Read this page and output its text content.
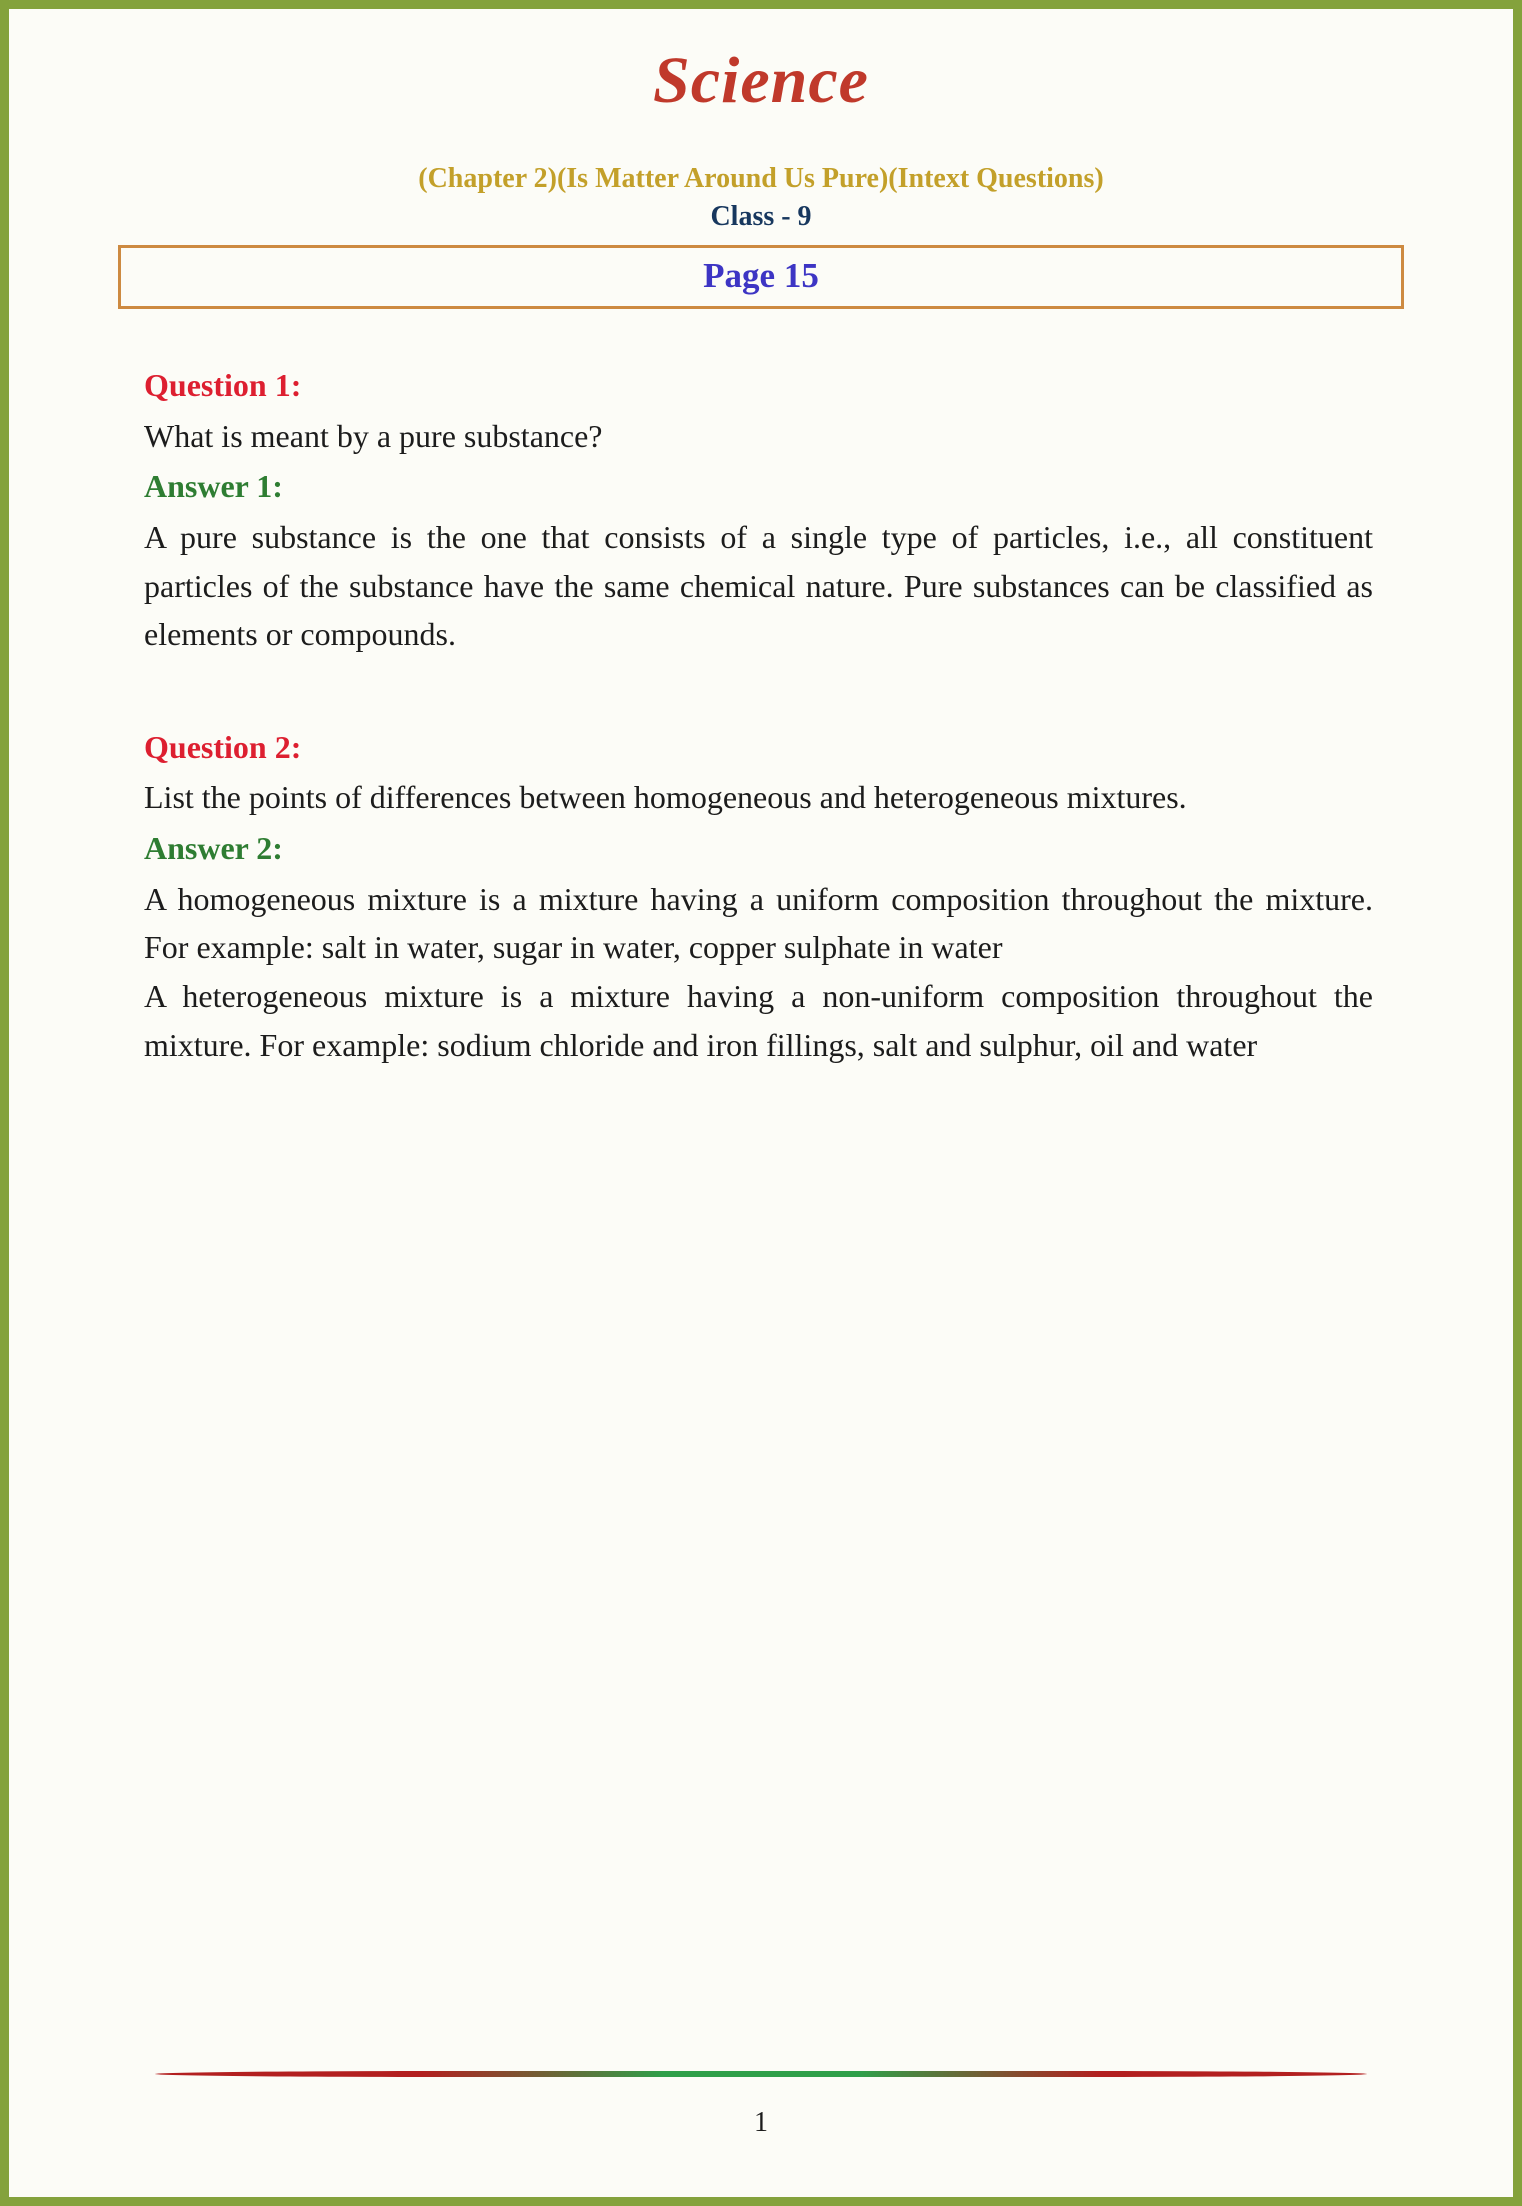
Science
(Chapter 2)(Is Matter Around Us Pure)(Intext Questions)
Class - 9
Page 15
Question 1:
What is meant by a pure substance?
Answer 1:

A pure substance is the one that consists of a single type of particles, i.e., all constituent particles of the substance have the same chemical nature. Pure substances can be classified as elements or compounds.

Question 2:
List the points of differences between homogeneous and heterogeneous mixtures.
Answer 2:

A homogeneous mixture is a mixture having a uniform composition throughout the mixture. For example: salt in water, sugar in water, copper sulphate in water

A heterogeneous mixture is a mixture having a non-uniform composition throughout the mixture. For example: sodium chloride and iron fillings, salt and sulphur, oil and water

1
